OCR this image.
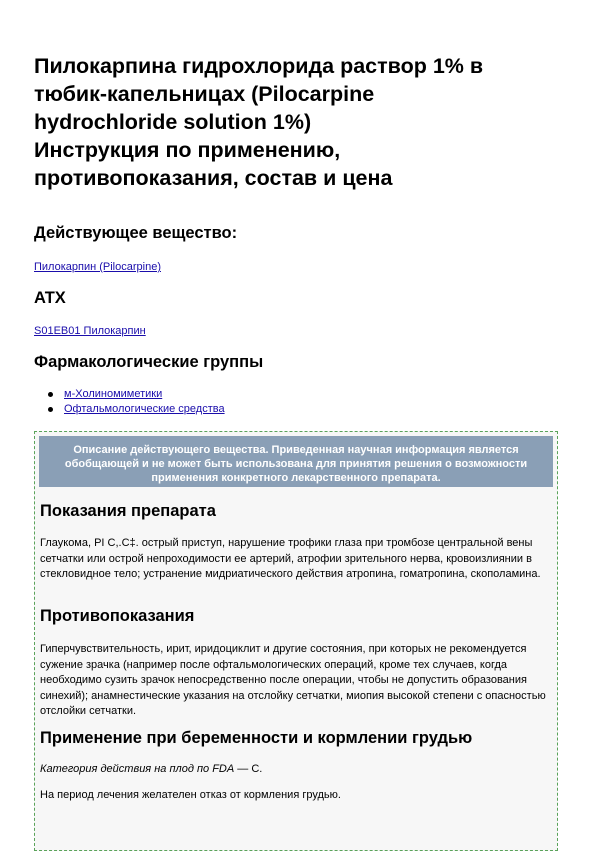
Пилокарпина гидрохлорида раствор 1% в
тюбик-капельницах (Pilocarpine
hydrochloride solution 1%)
Инструкция по применению,
противопоказания, состав и цена
Действующее вещество:
Пилокарпин (Pilocarpine)
ATX
S01EB01 Пилокарпин
Фармакологические группы
м-Холиномиметики
Офтальмологические средства
Описание действующего вещества. Приведенная научная информация является обобщающей и не может быть использована для принятия решения о возможности применения конкретного лекарственного препарата.
Показания препарата

Глаукома, PI C,.C‡. острый приступ, нарушение трофики глаза при тромбозе центральной вены сетчатки или острой непроходимости ее артерий, атрофии зрительного нерва, кровоизлиянии в стекловидное тело; устранение мидриатического действия атропина, гоматропина, скополамина.

Противопоказания

Гиперчувствительность, ирит, иридоциклит и другие состояния, при которых не рекомендуется сужение зрачка (например после офтальмологических операций, кроме тех случаев, когда необходимо сузить зрачок непосредственно после операции, чтобы не допустить образования синехий); анамнестические указания на отслойку сетчатки, миопия высокой степени с опасностью отслойки сетчатки.

Применение при беременности и кормлении грудью

Категория действия на плод по FDA — C.

На период лечения желателен отказ от кормления грудью.
